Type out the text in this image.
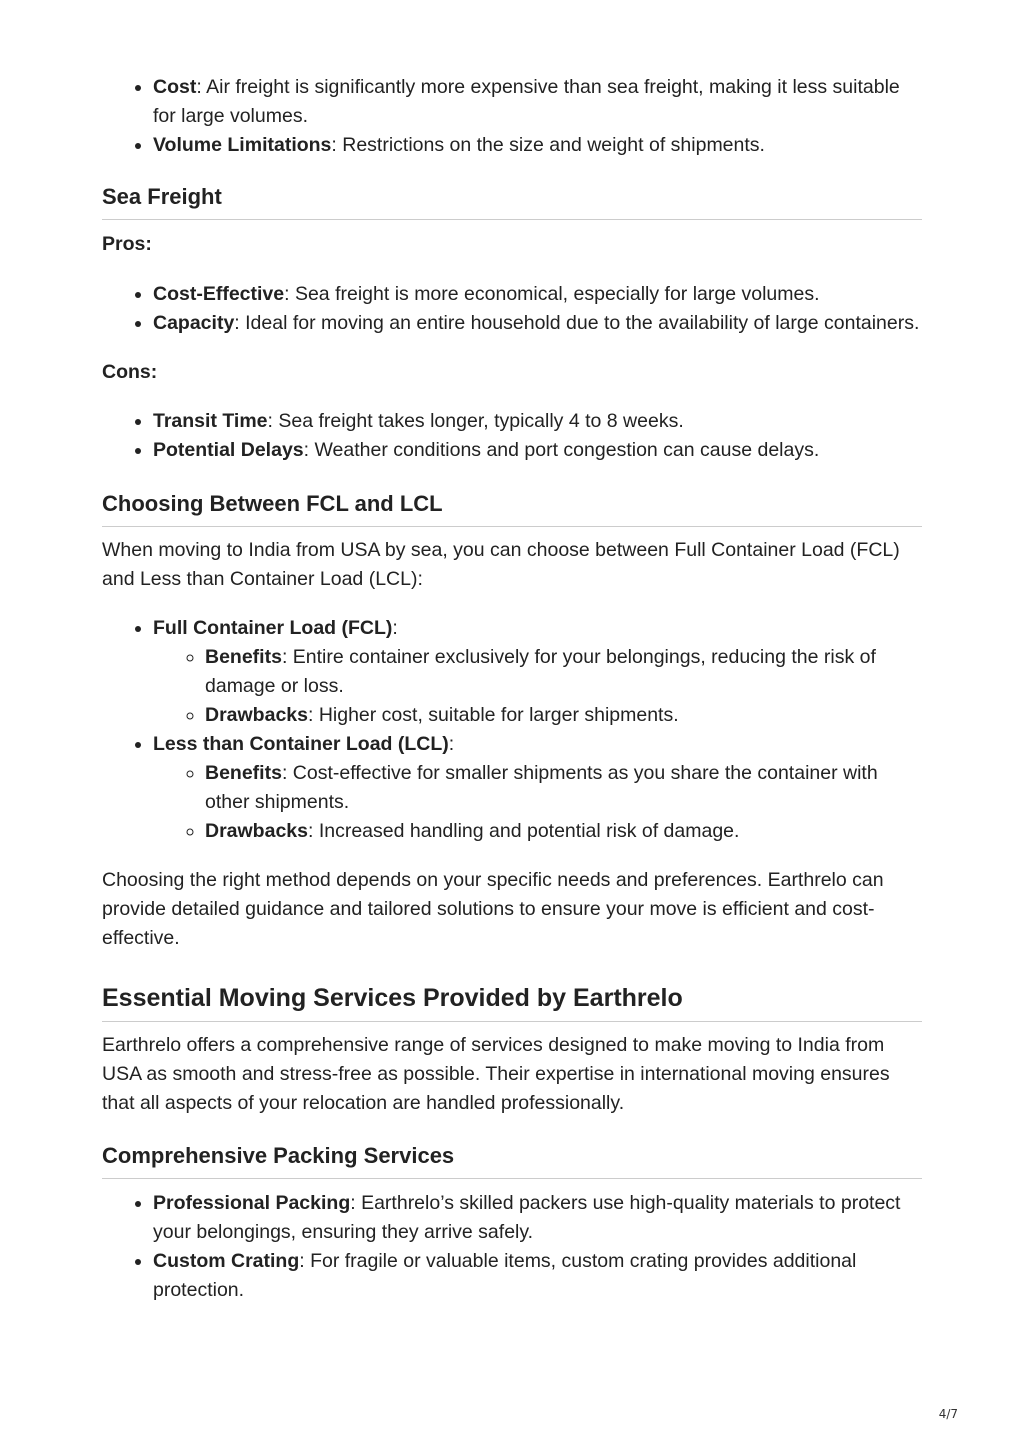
• Cost: Air freight is significantly more expensive than sea freight, making it less suitable for large volumes.
• Volume Limitations: Restrictions on the size and weight of shipments.
Sea Freight

Pros:

• Cost-Effective: Sea freight is more economical, especially for large volumes.
• Capacity: Ideal for moving an entire household due to the availability of large containers.

Cons:

• Transit Time: Sea freight takes longer, typically 4 to 8 weeks.
• Potential Delays: Weather conditions and port congestion can cause delays.
Choosing Between FCL and LCL

When moving to India from USA by sea, you can choose between Full Container Load (FCL) and Less than Container Load (LCL):

• Full Container Load (FCL):
◦ Benefits: Entire container exclusively for your belongings, reducing the risk of damage or loss.
◦ Drawbacks: Higher cost, suitable for larger shipments.
• Less than Container Load (LCL):
◦ Benefits: Cost-effective for smaller shipments as you share the container with other shipments.
◦ Drawbacks: Increased handling and potential risk of damage.

Choosing the right method depends on your specific needs and preferences. Earthrelo can provide detailed guidance and tailored solutions to ensure your move is efficient and cost-effective.

Essential Moving Services Provided by Earthrelo

Earthrelo offers a comprehensive range of services designed to make moving to India from USA as smooth and stress-free as possible. Their expertise in international moving ensures that all aspects of your relocation are handled professionally.

Comprehensive Packing Services
• Professional Packing: Earthrelo’s skilled packers use high-quality materials to protect your belongings, ensuring they arrive safely.
• Custom Crating: For fragile or valuable items, custom crating provides additional protection.
4/7
